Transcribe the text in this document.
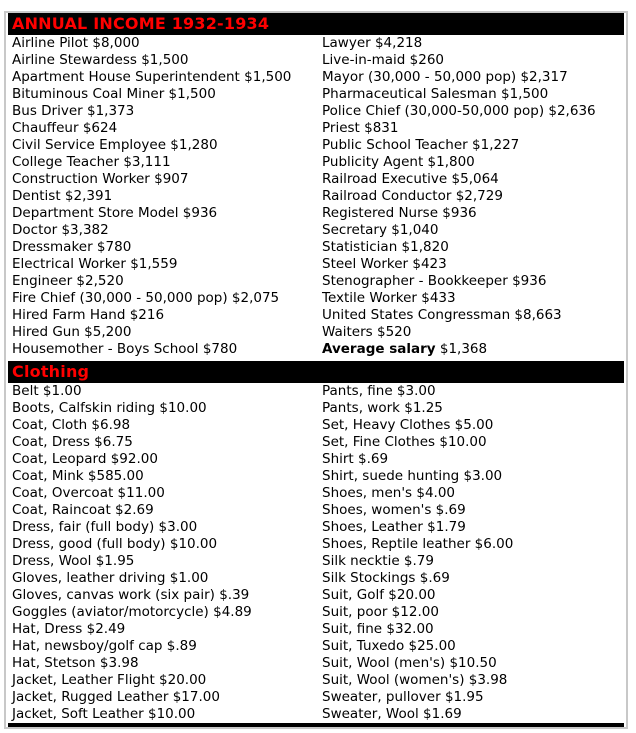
ANNUAL INCOME 1932-1934
Airline Pilot $8,000
Airline Stewardess $1,500
Apartment House Superintendent $1,500
Bituminous Coal Miner $1,500
Bus Driver $1,373
Chauffeur $624
Civil Service Employee $1,280
College Teacher $3,111
Construction Worker $907
Dentist $2,391
Department Store Model $936
Doctor $3,382
Dressmaker $780
Electrical Worker $1,559
Engineer $2,520
Fire Chief (30,000 - 50,000 pop) $2,075
Hired Farm Hand $216
Hired Gun $5,200
Housemother - Boys School $780
Lawyer $4,218
Live-in-maid $260
Mayor (30,000 - 50,000 pop) $2,317
Pharmaceutical Salesman $1,500
Police Chief (30,000-50,000 pop) $2,636
Priest $831
Public School Teacher $1,227
Publicity Agent $1,800
Railroad Executive $5,064
Railroad Conductor $2,729
Registered Nurse $936
Secretary $1,040
Statistician $1,820
Steel Worker $423
Stenographer - Bookkeeper $936
Textile Worker $433
United States Congressman $8,663
Waiters $520
Average salary $1,368
Clothing
Belt $1.00
Boots, Calfskin riding $10.00
Coat, Cloth $6.98
Coat, Dress $6.75
Coat, Leopard $92.00
Coat, Mink $585.00
Coat, Overcoat $11.00
Coat, Raincoat $2.69
Dress, fair (full body) $3.00
Dress, good (full body) $10.00
Dress, Wool $1.95
Gloves, leather driving $1.00
Gloves, canvas work (six pair) $.39
Goggles (aviator/motorcycle) $4.89
Hat, Dress $2.49
Hat, newsboy/golf cap $.89
Hat, Stetson $3.98
Jacket, Leather Flight $20.00
Jacket, Rugged Leather $17.00
Jacket, Soft Leather $10.00
Pants, fine $3.00
Pants, work $1.25
Set, Heavy Clothes $5.00
Set, Fine Clothes $10.00
Shirt $.69
Shirt, suede hunting $3.00
Shoes, men's $4.00
Shoes, women's $.69
Shoes, Leather $1.79
Shoes, Reptile leather $6.00
Silk necktie $.79
Silk Stockings $.69
Suit, Golf $20.00
Suit, poor $12.00
Suit, fine $32.00
Suit, Tuxedo $25.00
Suit, Wool (men's) $10.50
Suit, Wool (women's) $3.98
Sweater, pullover $1.95
Sweater, Wool $1.69
